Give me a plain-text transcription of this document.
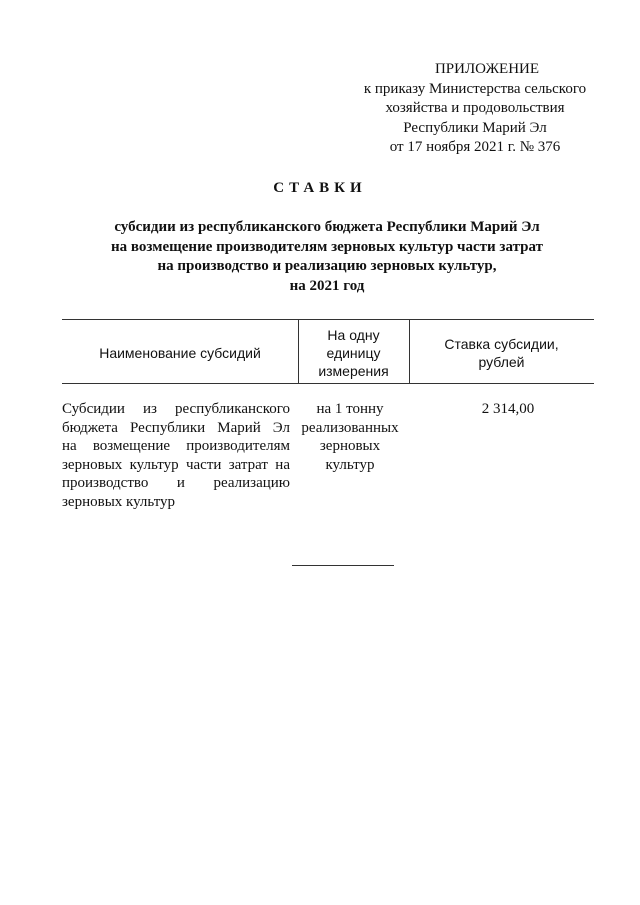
ПРИЛОЖЕНИЕ
к приказу Министерства сельского
хозяйства и продовольствия
Республики Марий Эл
от 17 ноября 2021 г. № 376
СТАВКИ
субсидии из республиканского бюджета Республики Марий Эл
на возмещение производителям зерновых культур части затрат
на производство и реализацию зерновых культур,
на 2021 год
Наименование субсидий
На одну
единицу
измерения
Ставка субсидии,
рублей
Субсидии из республиканского
бюджета Республики Марий Эл
на возмещение производителям
зерновых культур части затрат на
производство и реализацию
зерновых культур
на 1 тонну
реализованных
зерновых
культур
2 314,00
